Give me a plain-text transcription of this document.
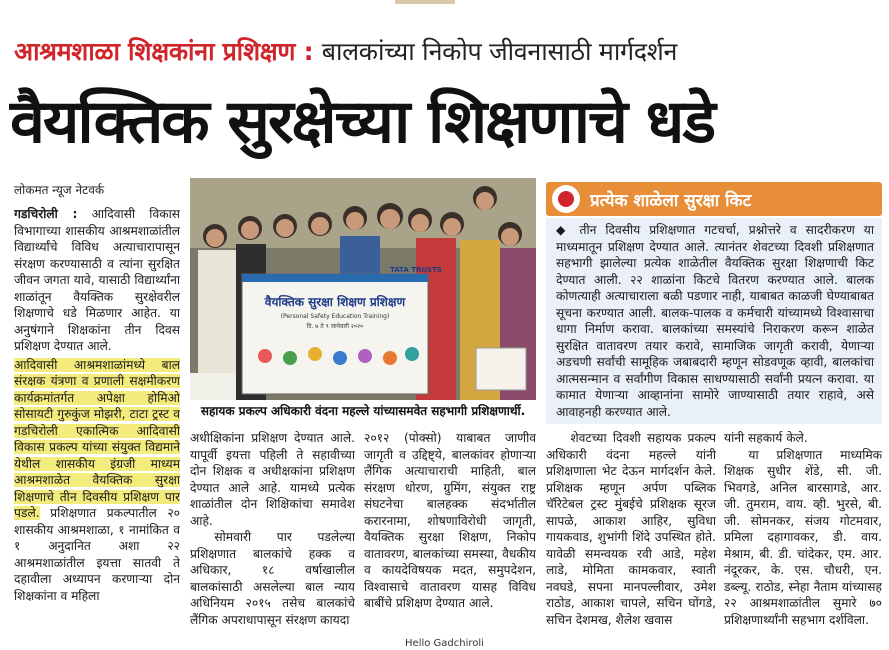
आश्रमशाळा शिक्षकांना प्रशिक्षण : बालकांच्या निकोप जीवनासाठी मार्गदर्शन
वैयक्तिक सुरक्षेच्या शिक्षणाचे धडे
लोकमत न्यूज नेटवर्क

गडचिरोली : आदिवासी विकास विभागाच्या शासकीय आश्रमशाळांतील विद्यार्थ्यांचे विविध अत्याचारापासून संरक्षण करण्यासाठी व त्यांना सुरक्षित जीवन जगता यावे, यासाठी विद्यार्थ्यांना शाळांतून वैयक्तिक सुरक्षेवरील शिक्षणाचे धडे मिळणार आहेत. या अनुषंगाने शिक्षकांना तीन दिवस प्रशिक्षण देण्यात आले.

आदिवासी आश्रमशाळांमध्ये बाल संरक्षक यंत्रणा व प्रणाली सक्षमीकरण कार्यक्रमांतर्गत अपेक्षा होमिओ सोसायटी गुरुकुंज मोझरी, टाटा ट्रस्ट व गडचिरोली एकात्मिक आदिवासी विकास प्रकल्प यांच्या संयुक्त विद्यमाने येथील शासकीय इंग्रजी माध्यम आश्रमशाळेत वैयक्तिक सुरक्षा शिक्षणाचे तीन दिवसीय प्रशिक्षण पार पडले. प्रशिक्षणात प्रकल्पातील २० शासकीय आश्रमशाळा, १ नामांकित व १ अनुदानित अशा २२ आश्रमशाळांतील इयत्ता सातवी ते दहावीला अध्यापन करणाऱ्या दोन शिक्षकांना व महिला

TATA TRUSTS
वैयक्तिक सुरक्षा शिक्षण प्रशिक्षण
(Personal Safety Education Training)
दि. ७ ते ९ जानेवारी २०२०
सहायक प्रकल्प अधिकारी वंदना महल्ले यांच्यासमवेत सहभागी प्रशिक्षणार्थी.
प्रत्येक शाळेला सुरक्षा किट
◆ तीन दिवसीय प्रशिक्षणात गटचर्चा, प्रश्नोत्तरे व सादरीकरण या माध्यमातून प्रशिक्षण देण्यात आले. त्यानंतर शेवटच्या दिवशी प्रशिक्षणात सहभागी झालेल्या प्रत्येक शाळेतील वैयक्तिक सुरक्षा शिक्षणाची किट देण्यात आली. २२ शाळांना किटचे वितरण करण्यात आले. बालक कोणत्याही अत्याचाराला बळी पडणार नाही, याबाबत काळजी घेण्याबाबत सूचना करण्यात आली. बालक-पालक व कर्मचारी यांच्यामध्ये विश्वासाचा धागा निर्माण करावा. बालकांच्या समस्यांचे निराकरण करून शाळेत सुरक्षित वातावरण तयार करावे, सामाजिक जागृती करावी, येणाऱ्या अडचणी सर्वांची सामूहिक जबाबदारी म्हणून सोडवणूक व्हावी, बालकांचा आत्मसन्मान व सर्वांगीण विकास साधण्यासाठी सर्वांनी प्रयत्न करावा. या कामात येणाऱ्या आव्हानांना सामोरे जाण्यासाठी तयार राहावे, असे आवाहनही करण्यात आले.

अधीक्षिकांना प्रशिक्षण देण्यात आले. यापूर्वी इयत्ता पहिली ते सहावीच्या दोन शिक्षक व अधीक्षकांना प्रशिक्षण देण्यात आले आहे. यामध्ये प्रत्येक शाळांतील दोन शिक्षिकांचा समावेश आहे.

सोमवारी पार पडलेल्या प्रशिक्षणात बालकांचे हक्क व अधिकार, १८ वर्षाखालील बालकांसाठी असलेल्या बाल न्याय अधिनियम २०१५ तसेच बालकांचे लैंगिक अपराधापासून संरक्षण कायदा

२०१२ (पोक्सो) याबाबत जाणीव जागृती व उद्दिष्ट्ये, बालकांवर होणाऱ्या लैंगिक अत्याचाराची माहिती, बाल संरक्षण धोरण, ग्रुमिंग, संयुक्त राष्ट्र संघटनेचा बालहक्क संदर्भातील करारनामा, शोषणाविरोधी जागृती, वैयक्तिक सुरक्षा शिक्षण, निकोप वातावरण, बालकांच्या समस्या, वैधकीय व कायदेविषयक मदत, समुपदेशन, विश्वासाचे वातावरण यासह विविध बाबींचे प्रशिक्षण देण्यात आले.

शेवटच्या दिवशी सहायक प्रकल्प अधिकारी वंदना महल्ले यांनी प्रशिक्षणाला भेट देऊन मार्गदर्शन केले. प्रशिक्षक म्हणून अर्पण पब्लिक चॅरिटेबल ट्रस्ट मुंबईचे प्रशिक्षक सूरज सापळे, आकाश आहिर, सुविधा गायकवाड, शुभांगी शिंदे उपस्थित होते. यावेळी समन्वयक रवी आडे, महेश लाडे, मोमिता कामकवार, स्वाती नवघडे, सपना मानपल्लीवार, उमेश राठोड, आकाश चापले, सचिन घोंगडे, सचिन देशमख, शैलेश खवास

यांनी सहकार्य केले.

या प्रशिक्षणात माध्यमिक शिक्षक सुधीर शेंडे, सी. जी. भिवगडे, अनिल बारसागडे, आर. जी. तुमराम, वाय. व्ही. भुरसे, बी. जी. सोमनकर, संजय गोटमवार, प्रमिला दहागावकर, डी. वाय. मेश्राम, बी. डी. चांदेकर, एम. आर. नंदूरकर, के. एस. चौधरी, एन. डब्ल्यू. राठोड, स्नेहा नैताम यांच्यासह २२ आश्रमशाळांतील सुमारे ७० प्रशिक्षणार्थ्यांनी सहभाग दर्शविला.

Hello Gadchiroli
